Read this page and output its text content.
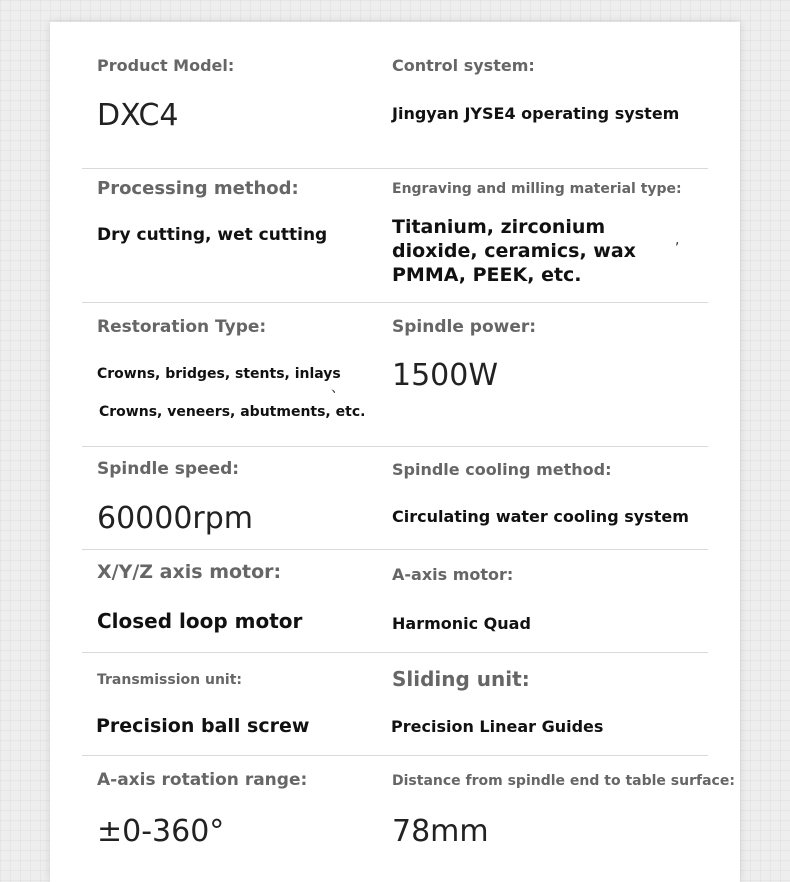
Product Model:
DXC4
Control system:
Jingyan JYSE4 operating system
Processing method:
Dry cutting, wet cutting
Engraving and milling material type:
Titanium, zirconium
dioxide, ceramics, wax
PMMA, PEEK, etc.
,
Restoration Type:
Crowns, bridges, stents, inlays
、
Crowns, veneers, abutments, etc.
Spindle power:
1500W
Spindle speed:
60000rpm
Spindle cooling method:
Circulating water cooling system
X/Y/Z axis motor:
Closed loop motor
A-axis motor:
Harmonic Quad
Transmission unit:
Precision ball screw
Sliding unit:
Precision Linear Guides
A-axis rotation range:
±0-360°
Distance from spindle end to table surface:
78mm
